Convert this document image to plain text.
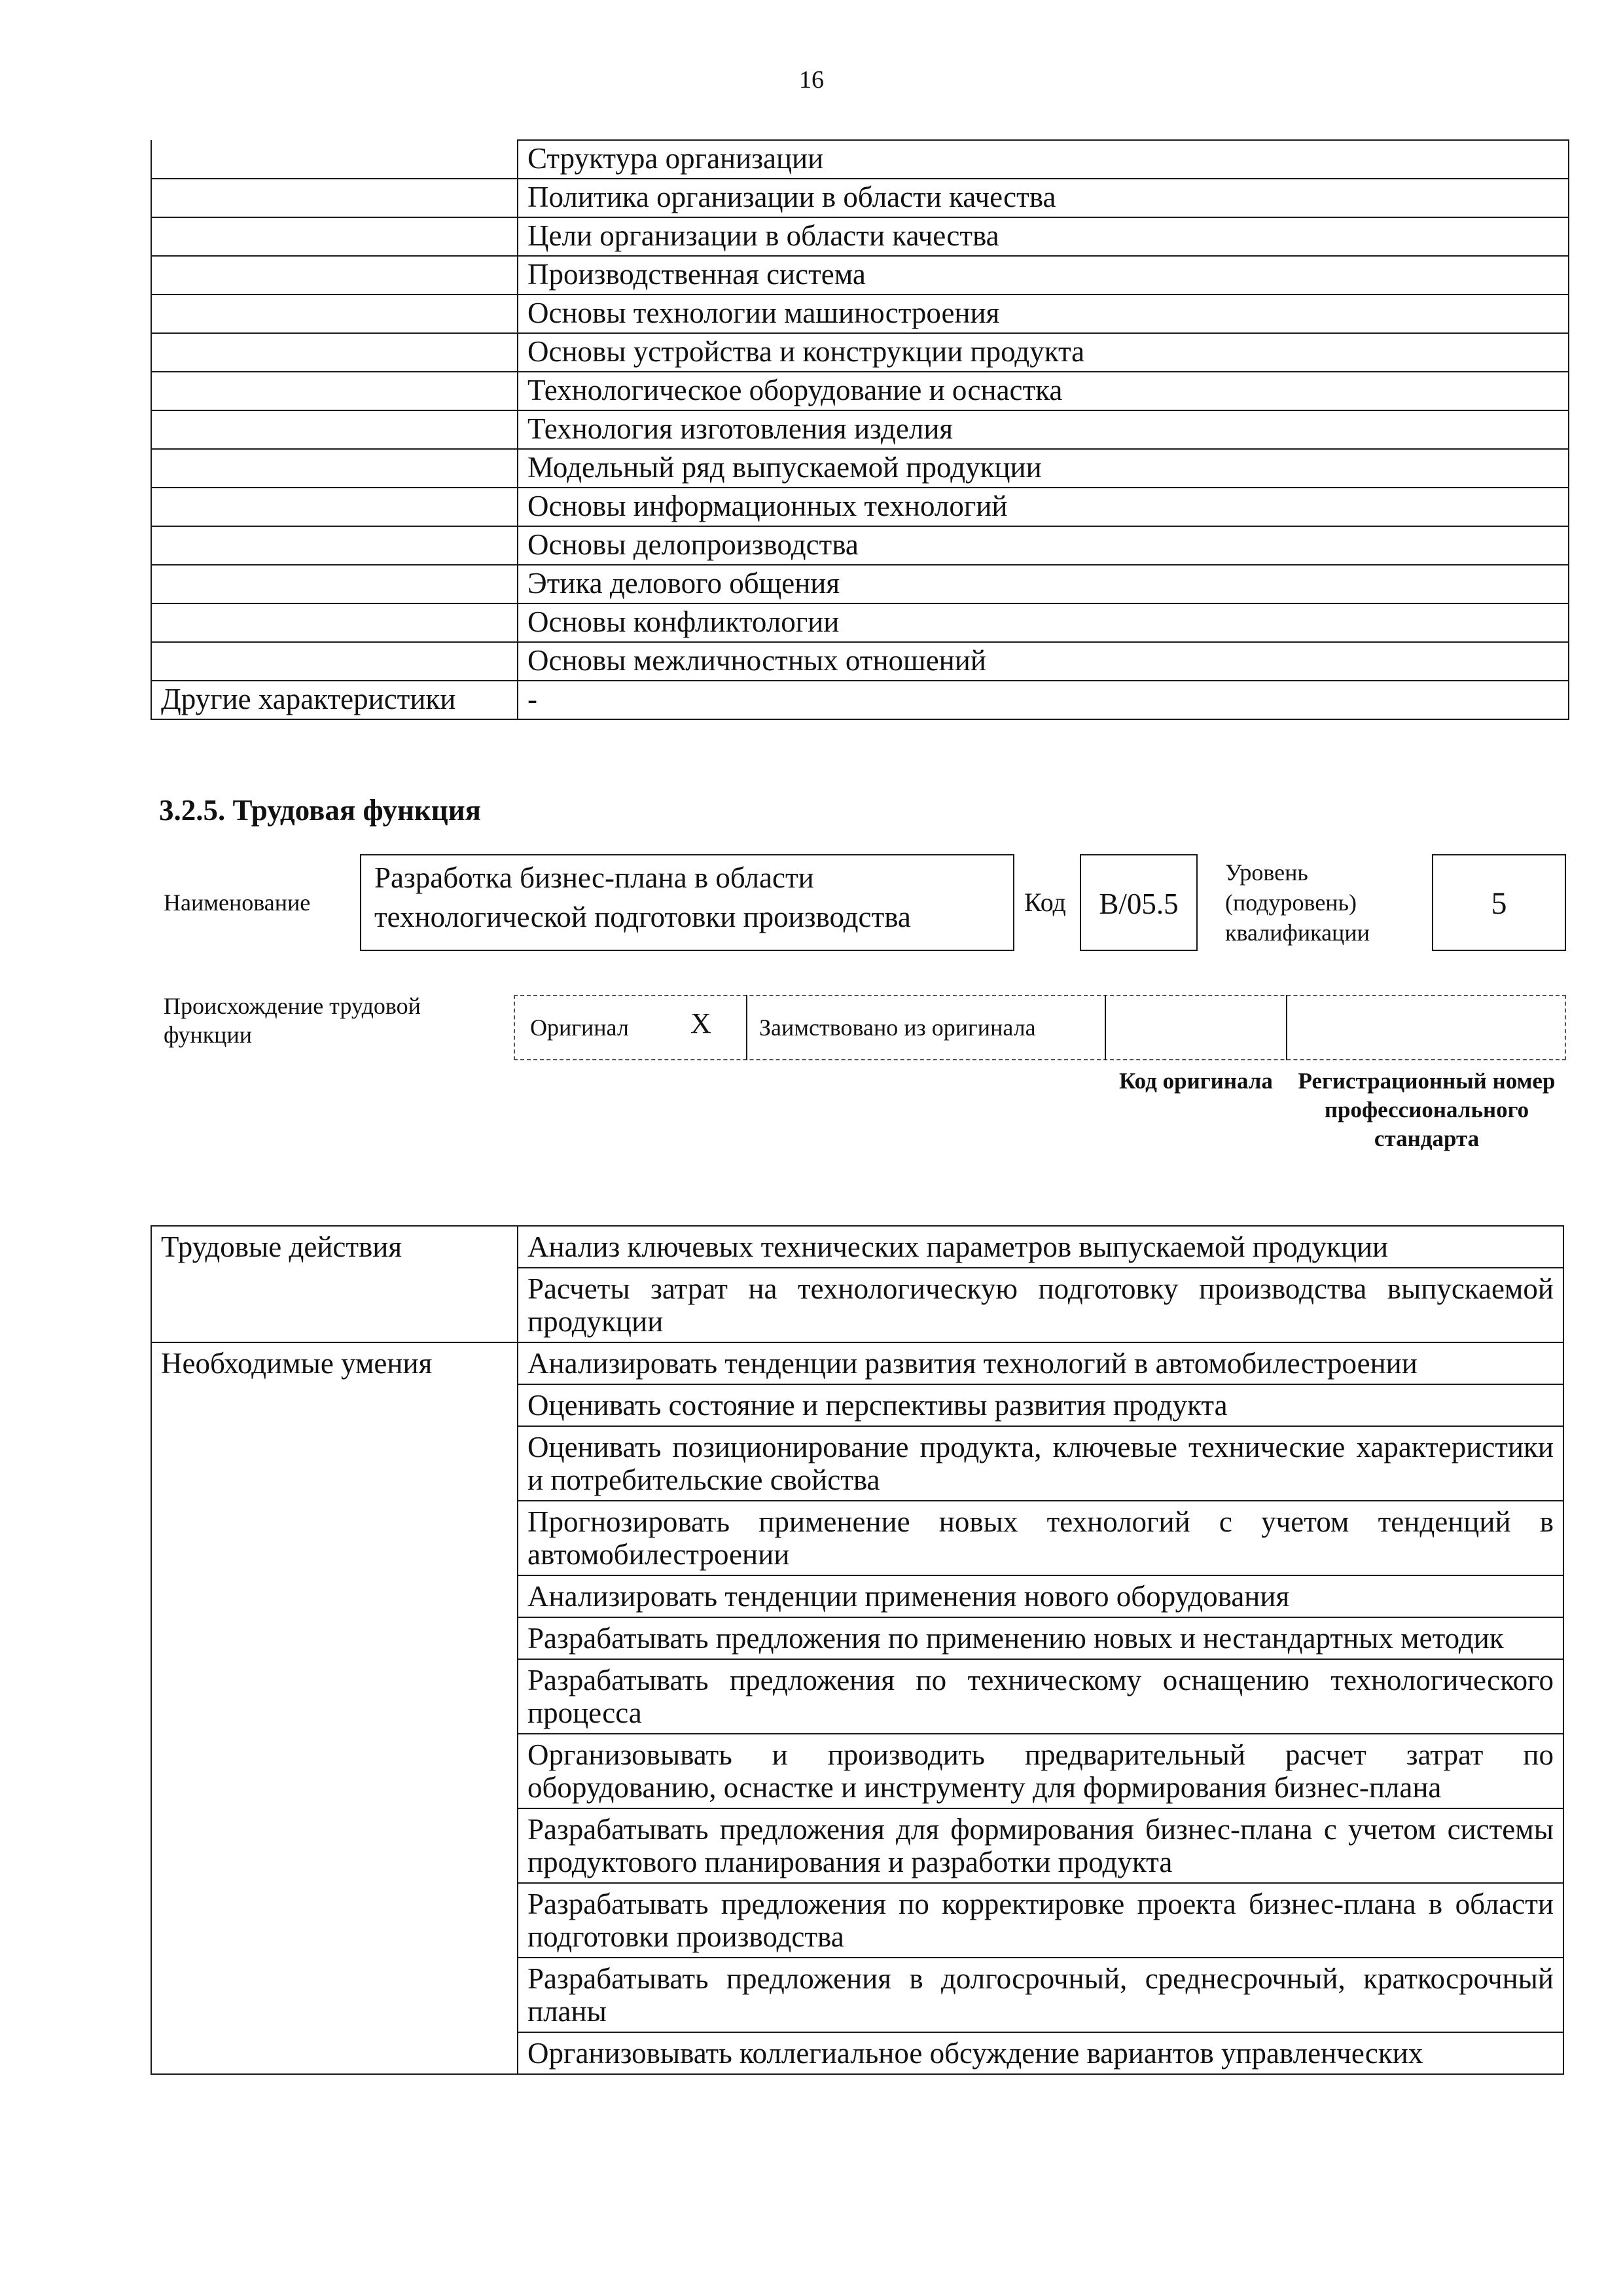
16
	Структура организации
	Политика организации в области качества
	Цели организации в области качества
	Производственная система
	Основы технологии машиностроения
	Основы устройства и конструкции продукта
	Технологическое оборудование и оснастка
	Технология изготовления изделия
	Модельный ряд выпускаемой продукции
	Основы информационных технологий
	Основы делопроизводства
	Этика делового общения
	Основы конфликтологии
	Основы межличностных отношений
Другие характеристики	-
3.2.5. Трудовая функция
Наименование
Разработка бизнес-плана в области технологической подготовки производства	Код	B/05.5
Уровень (подуровень) квалификации
5
Происхождение трудовой функции	Оригинал X Заимствовано из оригинала
Код оригинала	Регистрационный номер профессионального стандарта
Трудовые действия	Анализ ключевых технических параметров выпускаемой продукции
	Расчеты затрат на технологическую подготовку производства выпускаемой продукции
Необходимые умения	Анализировать тенденции развития технологий в автомобилестроении
	Оценивать состояние и перспективы развития продукта
	Оценивать позиционирование продукта, ключевые технические характеристики и потребительские свойства
	Прогнозировать применение новых технологий с учетом тенденций в автомобилестроении
	Анализировать тенденции применения нового оборудования
	Разрабатывать предложения по применению новых и нестандартных методик
	Разрабатывать предложения по техническому оснащению технологического процесса
	Организовывать и производить предварительный расчет затрат по оборудованию, оснастке и инструменту для формирования бизнес-плана
	Разрабатывать предложения для формирования бизнес-плана с учетом системы продуктового планирования и разработки продукта
	Разрабатывать предложения по корректировке проекта бизнес-плана в области подготовки производства
	Разрабатывать предложения в долгосрочный, среднесрочный, краткосрочный планы
	Организовывать коллегиальное обсуждение вариантов управленческих
